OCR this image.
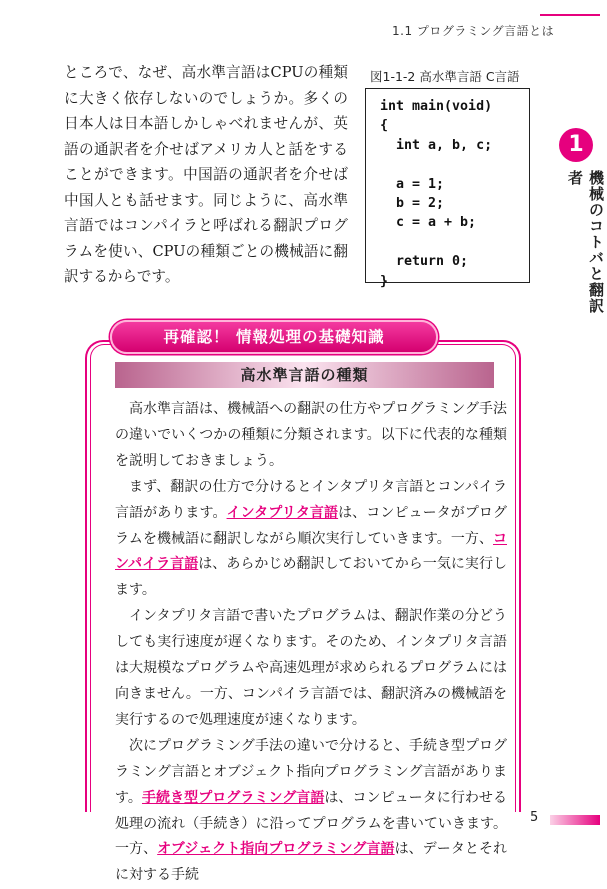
1.1 プログラミング言語とは
ところで、なぜ、高水準言語はCPUの種類に大きく依存しないのでしょうか。多くの日本人は日本語しかしゃべれませんが、英語の通訳者を介せばアメリカ人と話をすることができます。中国語の通訳者を介せば中国人とも話せます。同じように、高水準言語ではコンパイラと呼ばれる翻訳プログラムを使い、CPUの種類ごとの機械語に翻訳するからです。
図1-1-2 高水準言語 C言語
int main(void)
{
int a, b, c;
a = 1;
b = 2;
c = a + b;
return 0;
}
1
機械のコトバと翻訳者
再確認！ 情報処理の基礎知識
高水準言語の種類

高水準言語は、機械語への翻訳の仕方やプログラミング手法の違いでいくつかの種類に分類されます。以下に代表的な種類を説明しておきましょう。

まず、翻訳の仕方で分けるとインタプリタ言語とコンパイラ言語があります。インタプリタ言語は、コンピュータがプログラムを機械語に翻訳しながら順次実行していきます。一方、コンパイラ言語は、あらかじめ翻訳しておいてから一気に実行します。

インタプリタ言語で書いたプログラムは、翻訳作業の分どうしても実行速度が遅くなります。そのため、インタプリタ言語は大規模なプログラムや高速処理が求められるプログラムには向きません。一方、コンパイラ言語では、翻訳済みの機械語を実行するので処理速度が速くなります。

次にプログラミング手法の違いで分けると、手続き型プログラミング言語とオブジェクト指向プログラミング言語があります。手続き型プログラミング言語は、コンピュータに行わせる処理の流れ（手続き）に沿ってプログラムを書いていきます。一方、オブジェクト指向プログラミング言語は、データとそれに対する手続

5
